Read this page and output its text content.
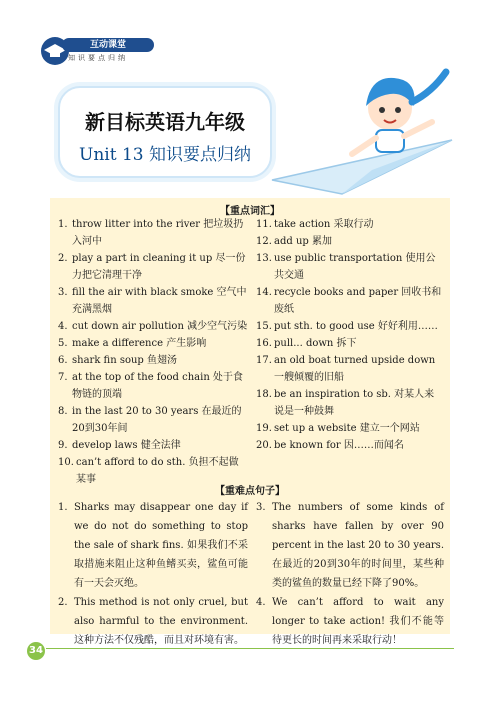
互动课堂
知识要点归纳
新目标英语九年级
Unit 13 知识要点归纳
【重点词汇】
1. throw litter into the river 把垃圾扔入河中
2. play a part in cleaning it up 尽一份力把它清理干净
3. fill the air with black smoke 空气中充满黑烟
4. cut down air pollution 减少空气污染
5. make a difference 产生影响
6. shark fin soup 鱼翅汤
7. at the top of the food chain 处于食物链的顶端
8. in the last 20 to 30 years 在最近的20到30年间
9. develop laws 健全法律
10. can’t afford to do sth. 负担不起做某事
11. take action 采取行动
12. add up 累加
13. use public transportation 使用公共交通
14. recycle books and paper 回收书和废纸
15. put sth. to good use 好好利用……
16. pull... down 拆下
17. an old boat turned upside down 一艘倾覆的旧船
18. be an inspiration to sb. 对某人来说是一种鼓舞
19. set up a website 建立一个网站
20. be known for 因……而闻名
【重难点句子】
1. Sharks may disappear one day if we do not do something to stop the sale of shark fins. 如果我们不采取措施来阻止这种鱼鳍买卖，鲨鱼可能有一天会灭绝。
2. This method is not only cruel, but also harmful to the environment. 这种方法不仅残酷，而且对环境有害。
3. The numbers of some kinds of sharks have fallen by over 90 percent in the last 20 to 30 years. 在最近的20到30年的时间里，某些种类的鲨鱼的数量已经下降了90%。
4. We can’t afford to wait any longer to take action! 我们不能等待更长的时间再来采取行动！
34
